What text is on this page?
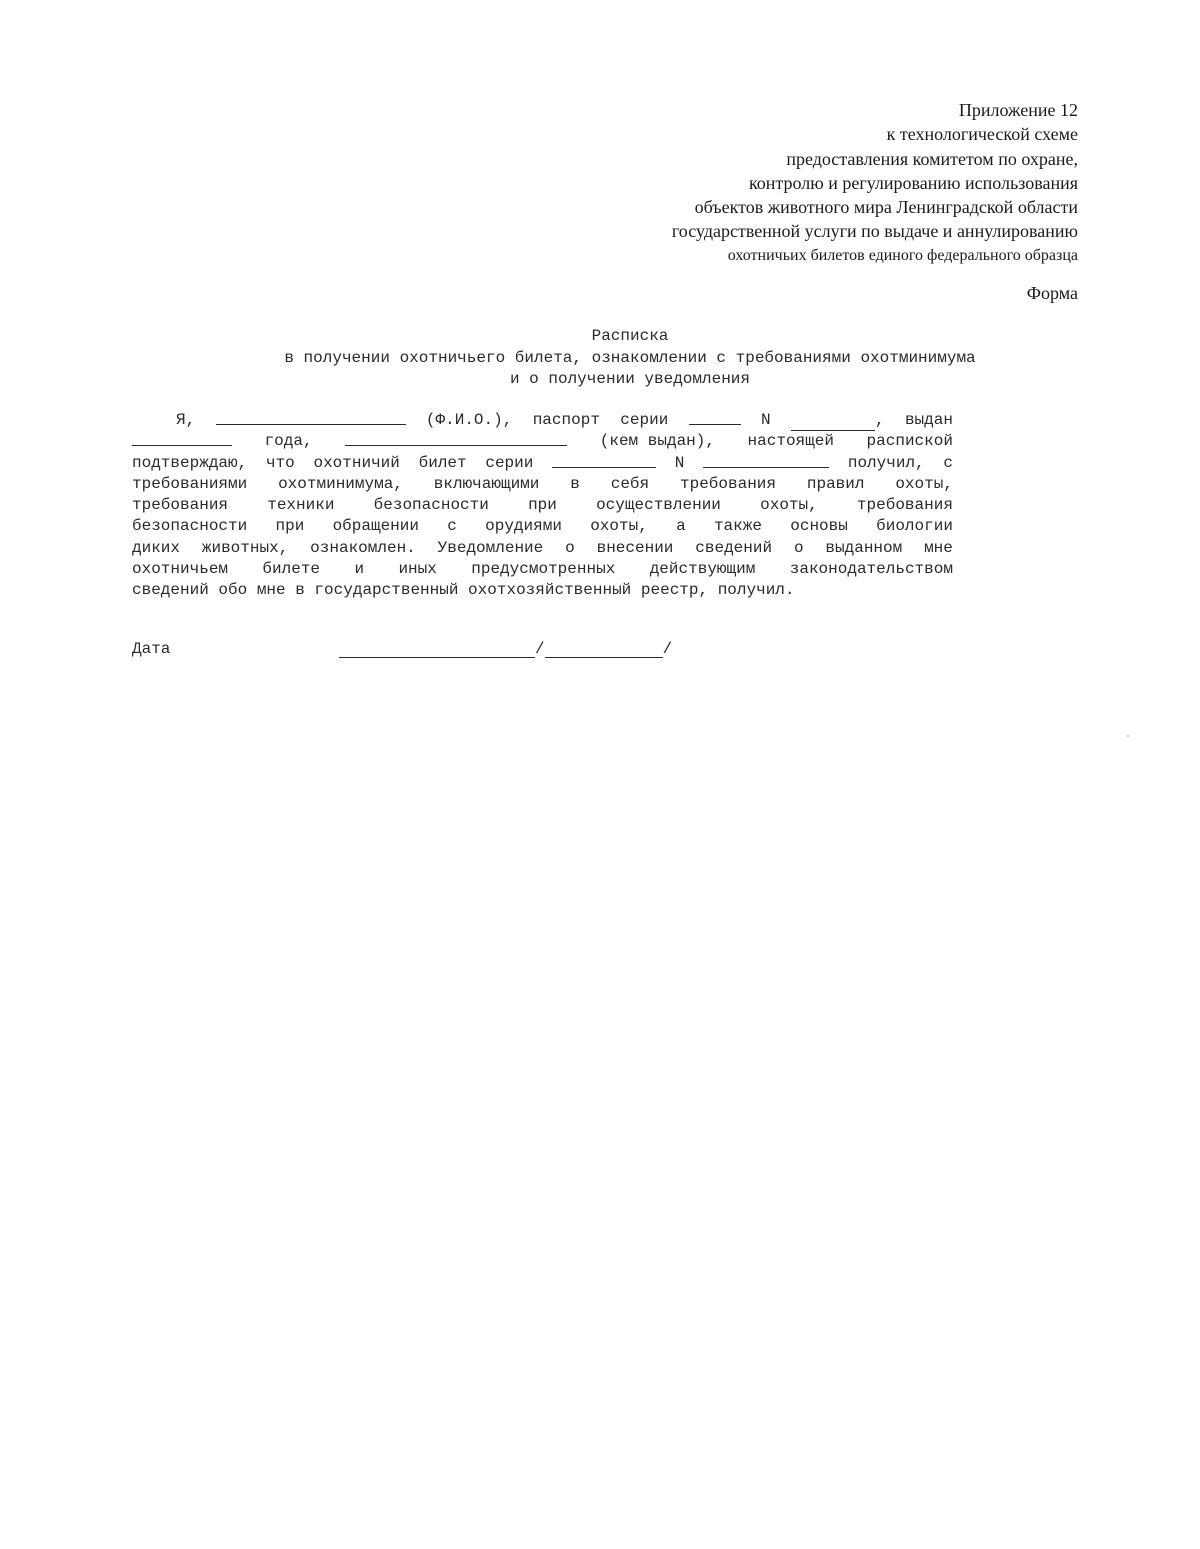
Приложение 12
к технологической схеме
предоставления комитетом по охране,
контролю и регулированию использования
объектов животного мира Ленинградской области
государственной услуги по выдаче и аннулированию
охотничьих билетов единого федерального образца
Форма
Расписка
в получении охотничьего билета, ознакомлении с требованиями охотминимума
и о получении уведомления
Я,	(Ф.И.О.), паспорт серии	N	, выдан
года,	(кем выдан), настоящей распиской
подтверждаю, что охотничий билет серии	N	получил, с
требованиями охотминимума, включающими в себя требования правил охоты,
требования техники безопасности при осуществлении охоты, требования
безопасности при обращении с орудиями охоты, а также основы биологии
диких животных, ознакомлен. Уведомление о внесении сведений о выданном мне
охотничьем билете и иных предусмотренных действующим законодательством
сведений обо мне в государственный охотхозяйственный реестр, получил.
Дата	/	/
